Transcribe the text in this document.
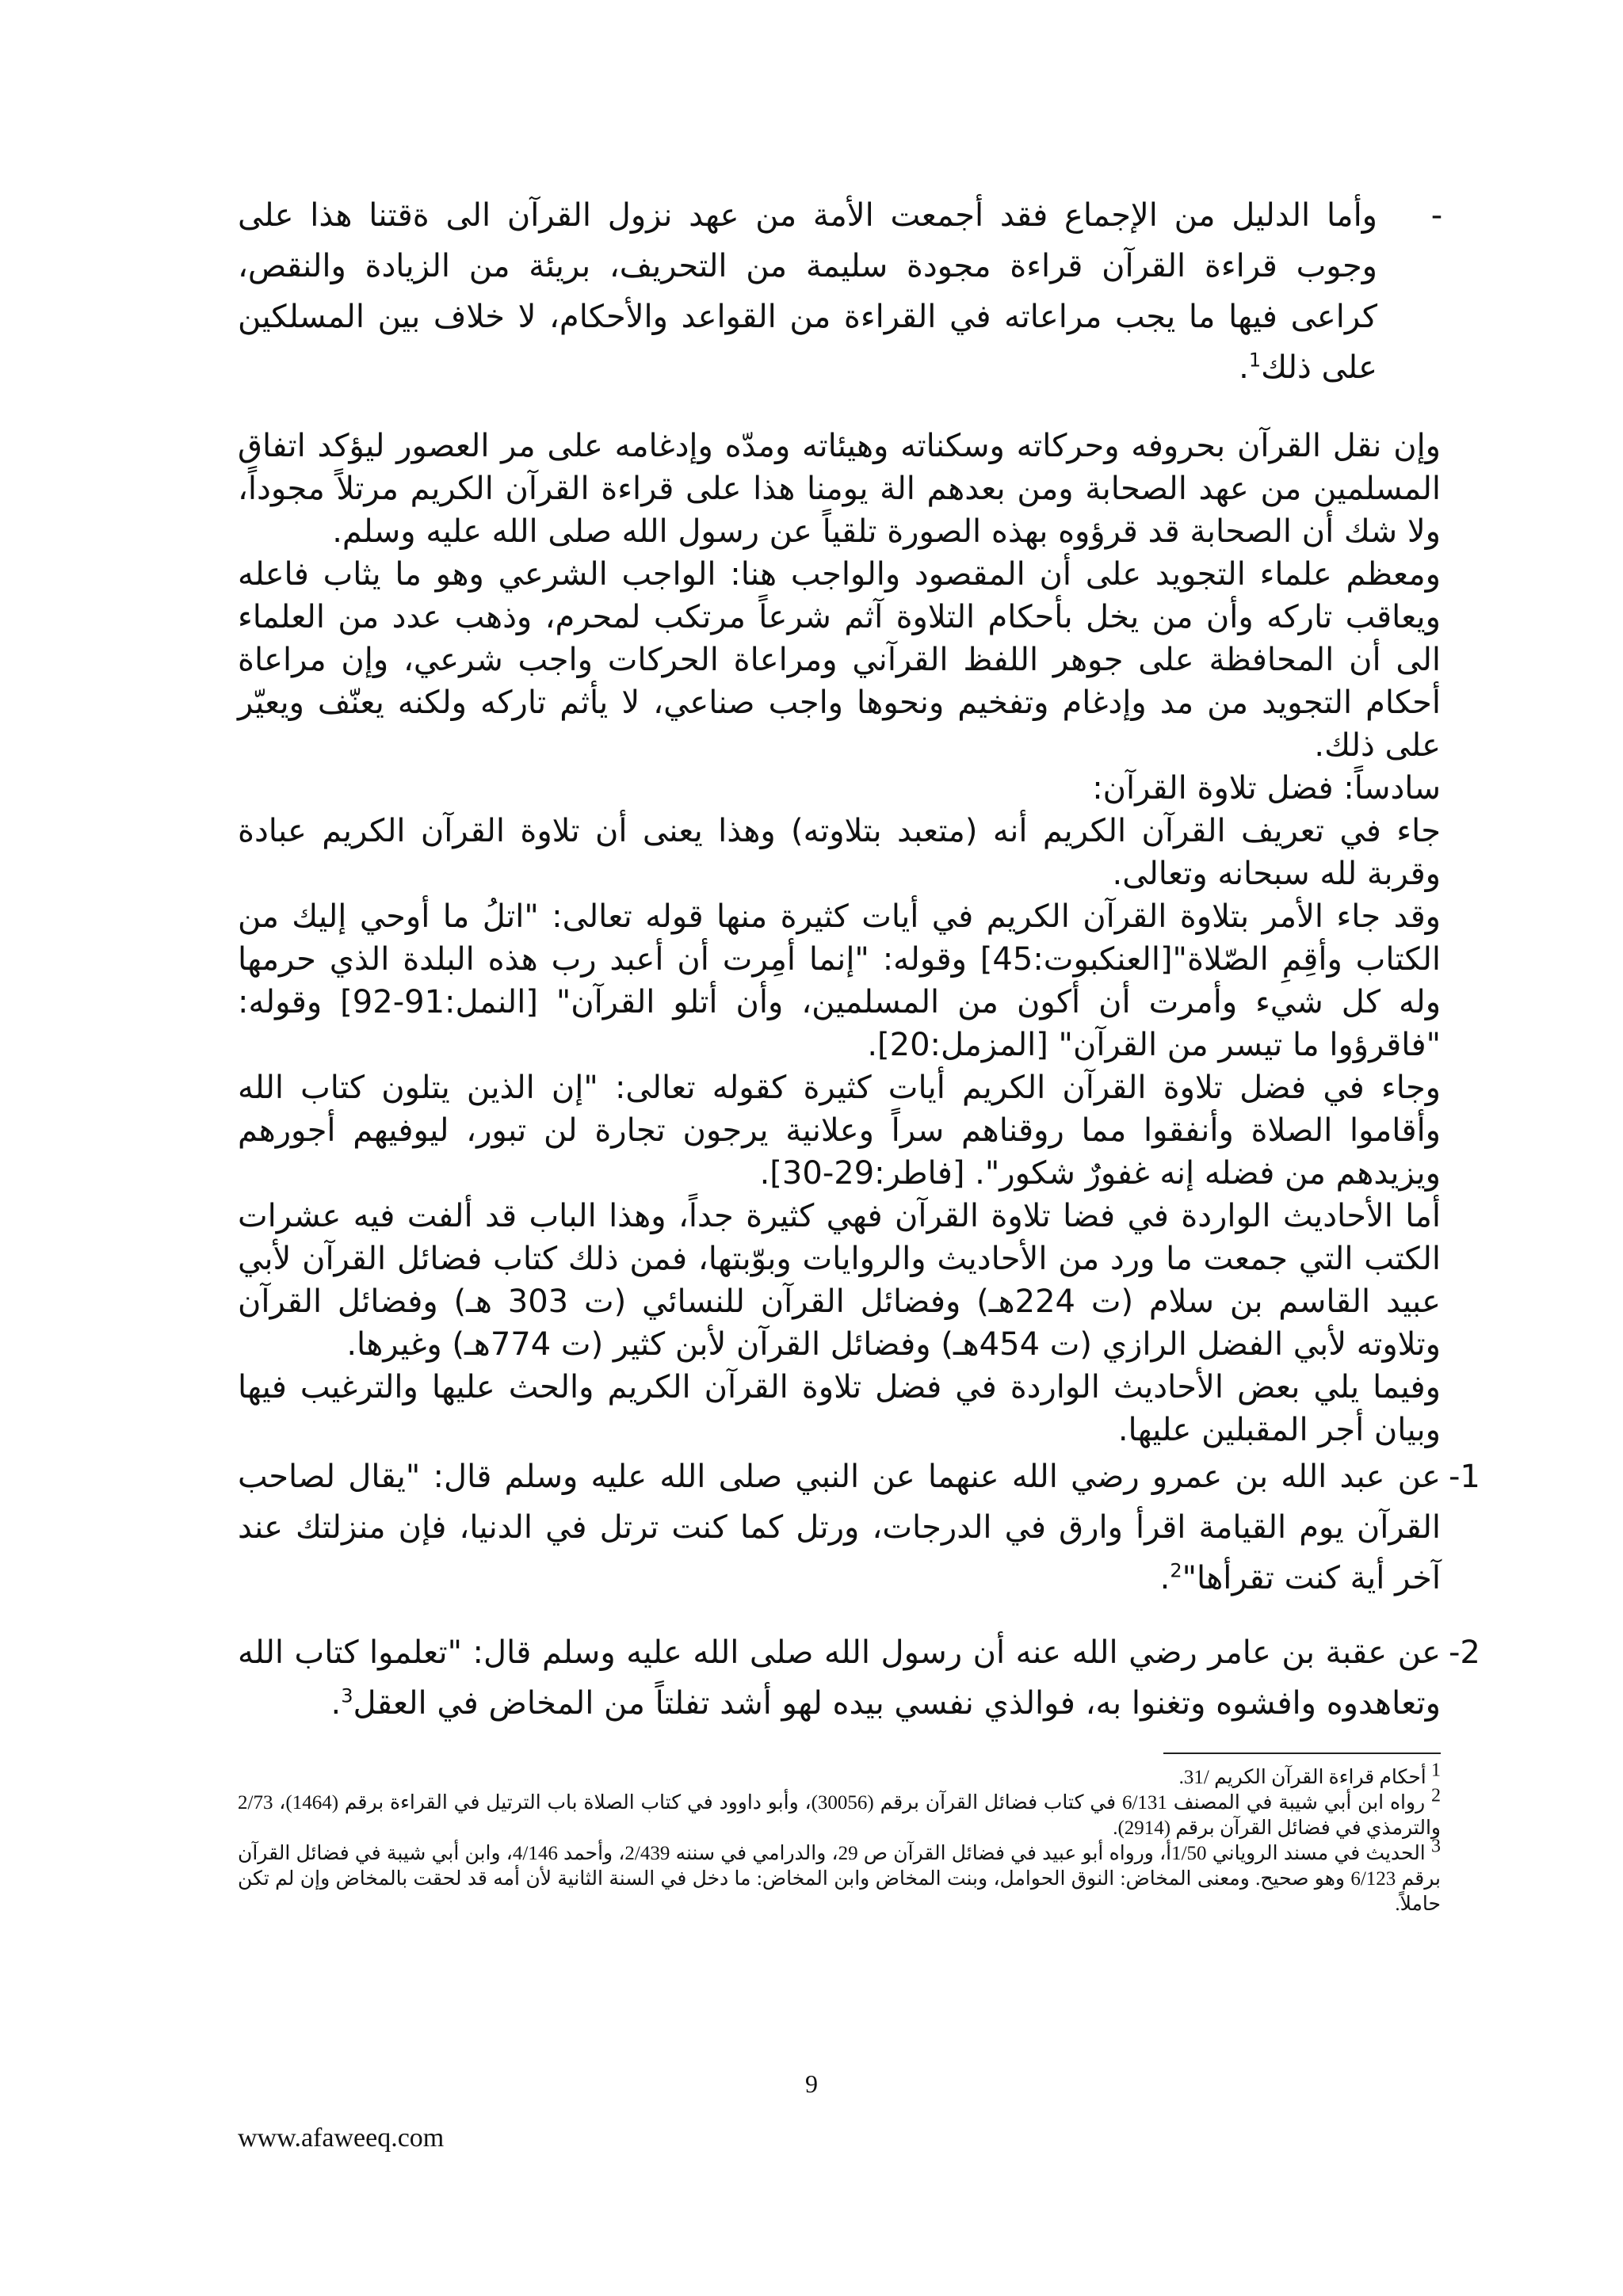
-
وأما الدليل من الإجماع فقد أجمعت الأمة من عهد نزول القرآن الى ةقتنا هذا على وجوب قراءة القرآن قراءة مجودة سليمة من التحريف، بريئة من الزيادة والنقص، كراعى فيها ما يجب مراعاته في القراءة من القواعد والأحكام، لا خلاف بين المسلكين على ذلك$^1$.

وإن نقل القرآن بحروفه وحركاته وسكناته وهيئاته ومدّه وإدغامه على مر العصور ليؤكد اتفاق المسلمين من عهد الصحابة ومن بعدهم الة يومنا هذا على قراءة القرآن الكريم مرتلاً مجوداً، ولا شك أن الصحابة قد قرؤوه بهذه الصورة تلقياً عن رسول الله صلى الله عليه وسلم.

ومعظم علماء التجويد على أن المقصود والواجب هنا: الواجب الشرعي وهو ما يثاب فاعله ويعاقب تاركه وأن من يخل بأحكام التلاوة آثم شرعاً مرتكب لمحرم، وذهب عدد من العلماء الى أن المحافظة على جوهر اللفظ القرآني ومراعاة الحركات واجب شرعي، وإن مراعاة أحكام التجويد من مد وإدغام وتفخيم ونحوها واجب صناعي، لا يأثم تاركه ولكنه يعنّف ويعيّر على ذلك.

سادساً: فضل تلاوة القرآن:

جاء في تعريف القرآن الكريم أنه (متعبد بتلاوته) وهذا يعنى أن تلاوة القرآن الكريم عبادة وقربة لله سبحانه وتعالى.

وقد جاء الأمر بتلاوة القرآن الكريم في أيات كثيرة منها قوله تعالى: "اتلُ ما أوحي إليك من الكتاب وأقِمِ الصّلاة"[العنكبوت:45] وقوله: "إنما أمِرت أن أعبد رب هذه البلدة الذي حرمها وله كل شيء وأمرت أن أكون من المسلمين، وأن أتلو القرآن" [النمل:91-92] وقوله: "فاقرؤوا ما تيسر من القرآن" [المزمل:20].

وجاء في فضل تلاوة القرآن الكريم أيات كثيرة كقوله تعالى: "إن الذين يتلون كتاب الله وأقاموا الصلاة وأنفقوا مما روقناهم سراً وعلانية يرجون تجارة لن تبور، ليوفيهم أجورهم ويزيدهم من فضله إنه غفورٌ شكور". [فاطر:29-30].

أما الأحاديث الواردة في فضا تلاوة القرآن فهي كثيرة جداً، وهذا الباب قد ألفت فيه عشرات الكتب التي جمعت ما ورد من الأحاديث والروايات وبوّبتها، فمن ذلك كتاب فضائل القرآن لأبي عبيد القاسم بن سلام (ت 224هـ) وفضائل القرآن للنسائي (ت 303 هـ) وفضائل القرآن وتلاوته لأبي الفضل الرازي (ت 454هـ) وفضائل القرآن لأبن كثير (ت 774هـ) وغيرها.

وفيما يلي بعض الأحاديث الواردة في فضل تلاوة القرآن الكريم والحث عليها والترغيب فيها وبيان أجر المقبلين عليها.

-1
عن عبد الله بن عمرو رضي الله عنهما عن النبي صلى الله عليه وسلم قال: "يقال لصاحب القرآن يوم القيامة اقرأ وارق في الدرجات، ورتل كما كنت ترتل في الدنيا، فإن منزلتك عند آخر أية كنت تقرأها"$^2$.
-2
عن عقبة بن عامر رضي الله عنه أن رسول الله صلى الله عليه وسلم قال: "تعلموا كتاب الله وتعاهدوه وافشوه وتغنوا به، فوالذي نفسي بيده لهو أشد تفلتاً من المخاض في العقل$^3$.

$^1$ أحكام قراءة القرآن الكريم /31.

$^2$ رواه ابن أبي شيبة في المصنف 6/131 في كتاب فضائل القرآن برقم (30056)، وأبو داوود في كتاب الصلاة باب الترتيل في القراءة برقم (1464)، 2/73 والترمذي في فضائل القرآن برقم (2914).

$^3$ الحديث في مسند الروياني 1/50أ، ورواه أبو عبيد في فضائل القرآن ص 29، والدرامي في سننه 2/439، وأحمد 4/146، وابن أبي شيبة في فضائل القرآن برقم 6/123 وهو صحيح. ومعنى المخاض: النوق الحوامل، وبنت المخاض وابن المخاض: ما دخل في السنة الثانية لأن أمه قد لحقت بالمخاض وإن لم تكن حاملاً.

9
www.afaweeq.com
